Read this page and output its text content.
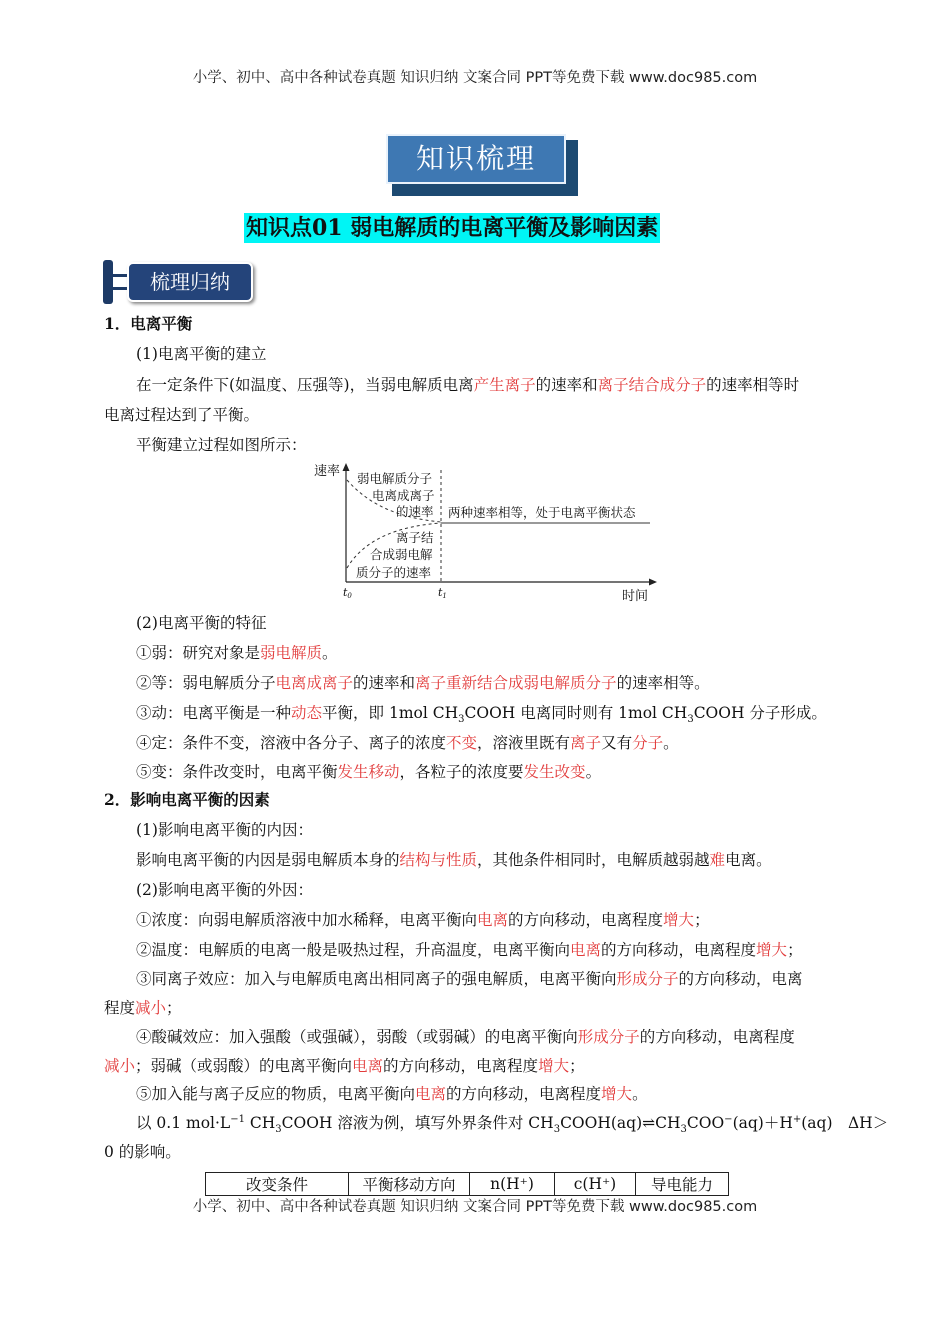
小学、初中、高中各种试卷真题 知识归纳 文案合同 PPT等免费下载 www.doc985.com
知识梳理
知识点01 弱电解质的电离平衡及影响因素
梳理归纳
1．电离平衡
(1)电离平衡的建立
在一定条件下(如温度、压强等)，当弱电解质电离产生离子的速率和离子结合成分子的速率相等时
电离过程达到了平衡。
平衡建立过程如图所示：
速率
时间
t0	t1
弱电解质分子
电离成离子
的速率
离子结
合成弱电解
质分子的速率
两种速率相等，处于电离平衡状态
(2)电离平衡的特征
①弱：研究对象是弱电解质。
②等：弱电解质分子电离成离子的速率和离子重新结合成弱电解质分子的速率相等。
③动：电离平衡是一种动态平衡，即 1mol $CH_3COOH$ 电离同时则有 1mol $CH_3COOH$ 分子形成。
④定：条件不变，溶液中各分子、离子的浓度不变，溶液里既有离子又有分子。
⑤变：条件改变时，电离平衡发生移动，各粒子的浓度要发生改变。
2．影响电离平衡的因素
(1)影响电离平衡的内因：
影响电离平衡的内因是弱电解质本身的结构与性质，其他条件相同时，电解质越弱越难电离。
(2)影响电离平衡的外因：
①浓度：向弱电解质溶液中加水稀释，电离平衡向电离的方向移动，电离程度增大；
②温度：电解质的电离一般是吸热过程，升高温度，电离平衡向电离的方向移动，电离程度增大；
③同离子效应：加入与电解质电离出相同离子的强电解质，电离平衡向形成分子的方向移动，电离
程度减小；
④酸碱效应：加入强酸（或强碱），弱酸（或弱碱）的电离平衡向形成分子的方向移动，电离程度
减小；弱碱（或弱酸）的电离平衡向电离的方向移动，电离程度增大；
⑤加入能与离子反应的物质，电离平衡向电离的方向移动，电离程度增大。
以 0.1 $mol\cdot L^{-1}$ $CH_3COOH$ 溶液为例，填写外界条件对 $CH_3COOH(aq)\rightleftharpoons CH_3COO^-(aq)+H^+(aq)$　ΔH＞
0 的影响。
改变条件	平衡移动方向	n(H⁺)	c(H⁺)	导电能力
小学、初中、高中各种试卷真题 知识归纳 文案合同 PPT等免费下载 www.doc985.com
